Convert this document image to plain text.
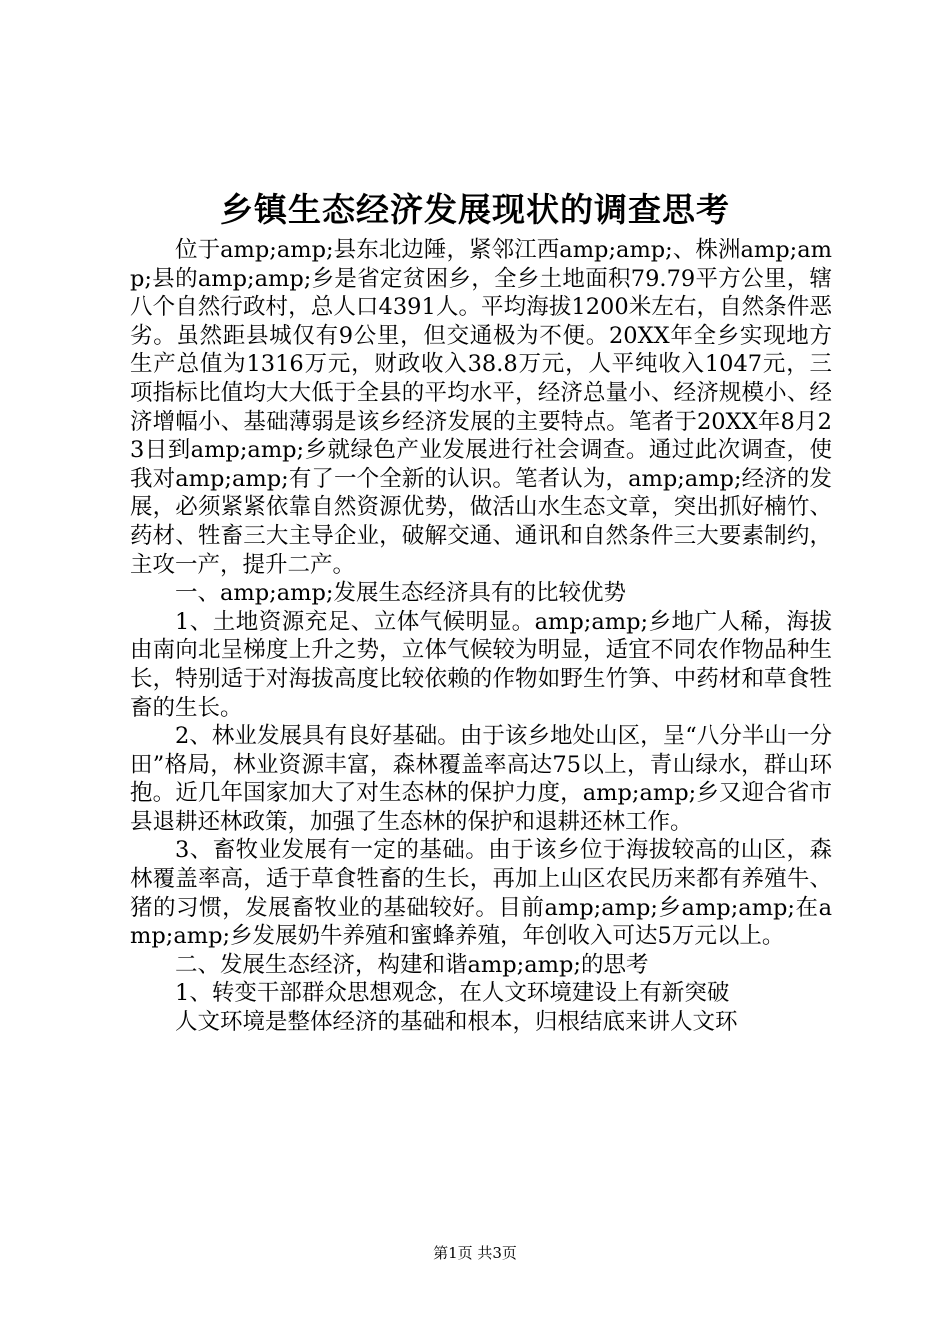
乡镇生态经济发展现状的调查思考

位于amp;amp;县东北边陲，紧邻江西amp;amp;、株洲amp;amp;县的amp;amp;乡是省定贫困乡，全乡土地面积79.79平方公里，辖八个自然行政村，总人口4391人。平均海拔1200米左右，自然条件恶劣。虽然距县城仅有9公里，但交通极为不便。20XX年全乡实现地方生产总值为1316万元，财政收入38.8万元，人平纯收入1047元，三项指标比值均大大低于全县的平均水平，经济总量小、经济规模小、经济增幅小、基础薄弱是该乡经济发展的主要特点。笔者于20XX年8月23日到amp;amp;乡就绿色产业发展进行社会调查。通过此次调查，使我对amp;amp;有了一个全新的认识。笔者认为，amp;amp;经济的发展，必须紧紧依靠自然资源优势，做活山水生态文章，突出抓好楠竹、药材、牲畜三大主导企业，破解交通、通讯和自然条件三大要素制约，主攻一产，提升二产。

一、amp;amp;发展生态经济具有的比较优势

1、土地资源充足、立体气候明显。amp;amp;乡地广人稀，海拔由南向北呈梯度上升之势，立体气候较为明显，适宜不同农作物品种生长，特别适于对海拔高度比较依赖的作物如野生竹笋、中药材和草食牲畜的生长。

2、林业发展具有良好基础。由于该乡地处山区，呈“八分半山一分田”格局，林业资源丰富，森林覆盖率高达75以上，青山绿水，群山环抱。近几年国家加大了对生态林的保护力度，amp;amp;乡又迎合省市县退耕还林政策，加强了生态林的保护和退耕还林工作。

3、畜牧业发展有一定的基础。由于该乡位于海拔较高的山区，森林覆盖率高，适于草食牲畜的生长，再加上山区农民历来都有养殖牛、猪的习惯，发展畜牧业的基础较好。目前amp;amp;乡amp;amp;在amp;amp;乡发展奶牛养殖和蜜蜂养殖，年创收入可达5万元以上。

二、发展生态经济，构建和谐amp;amp;的思考

1、转变干部群众思想观念，在人文环境建设上有新突破

人文环境是整体经济的基础和根本，归根结底来讲人文环

第1页 共3页
